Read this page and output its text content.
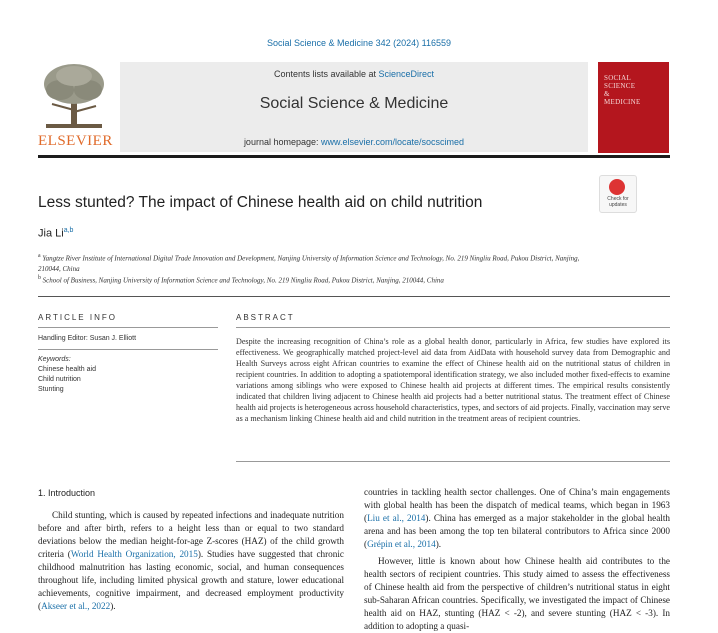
Social Science & Medicine 342 (2024) 116559
ELSEVIER
Contents lists available at ScienceDirect
Social Science & Medicine
journal homepage: www.elsevier.com/locate/socscimed
SOCIAL
SCIENCE
&
MEDICINE
Less stunted? The impact of Chinese health aid on child nutrition	Check for updates
Jia Li$^{a,b}$
$^a$ Yangtze River Institute of International Digital Trade Innovation and Development, Nanjing University of Information Science and Technology, No. 219 Ningliu Road, Pukou District, Nanjing, 210044, China
$^b$ School of Business, Nanjing University of Information Science and Technology, No. 219 Ningliu Road, Pukou District, Nanjing, 210044, China
ARTICLE INFO
Handling Editor: Susan J. Elliott
Keywords:
Chinese health aid
Child nutrition
Stunting
ABSTRACT
Despite the increasing recognition of China’s role as a global health donor, particularly in Africa, few studies have explored its effectiveness. We geographically matched project-level aid data from AidData with household survey data from Demographic and Health Surveys across eight African countries to examine the effect of Chinese health aid on the nutritional status of children in recipient countries. In addition to adopting a spatiotemporal identification strategy, we also included mother fixed-effects to examine variations among siblings who were exposed to Chinese health aid projects at different times. The empirical results consistently indicated that children living adjacent to Chinese health aid projects had a better nutritional status. The treatment effect of Chinese health aid projects is heterogeneous across household characteristics, types, and sectors of aid projects. Finally, vaccination may serve as a mechanism linking Chinese health aid and child nutrition in the treatment areas of recipient countries.
1. Introduction

Child stunting, which is caused by repeated infections and inadequate nutrition before and after birth, refers to a height less than or equal to two standard deviations below the median height-for-age Z-scores (HAZ) of the child growth criteria (World Health Organization, 2015). Studies have suggested that chronic childhood malnutrition has lasting economic, social, and human consequences throughout life, including limited physical growth and stature, lower educational achievements, cognitive impairment, and decreased employment productivity (Akseer et al., 2022).

countries in tackling health sector challenges. One of China’s main engagements with global health has been the dispatch of medical teams, which began in 1963 (Liu et al., 2014). China has emerged as a major stakeholder in the global health arena and has been among the top ten bilateral contributors to Africa since 2000 (Grépin et al., 2014).

However, little is known about how Chinese health aid contributes to the health sectors of recipient countries. This study aimed to assess the effectiveness of Chinese health aid from the perspective of children’s nutritional status in eight sub-Saharan African countries. Specifically, we investigated the impact of Chinese health aid on HAZ, stunting (HAZ < -2), and severe stunting (HAZ < -3). In addition to adopting a quasi-
